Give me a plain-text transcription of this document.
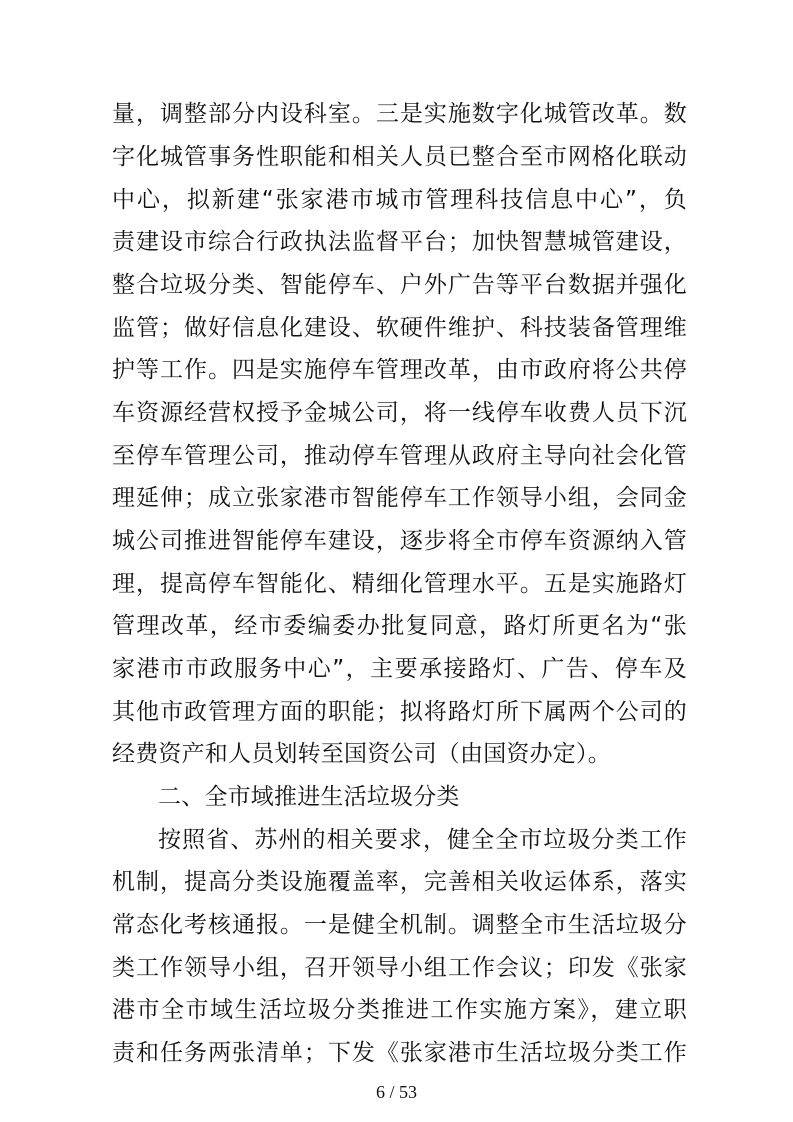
量，调整部分内设科室。三是实施数字化城管改革。数
字化城管事务性职能和相关人员已整合至市网格化联动
中心，拟新建“张家港市城市管理科技信息中心”，负
责建设市综合行政执法监督平台；加快智慧城管建设，
整合垃圾分类、智能停车、户外广告等平台数据并强化
监管；做好信息化建设、软硬件维护、科技装备管理维
护等工作。四是实施停车管理改革，由市政府将公共停
车资源经营权授予金城公司，将一线停车收费人员下沉
至停车管理公司，推动停车管理从政府主导向社会化管
理延伸；成立张家港市智能停车工作领导小组，会同金
城公司推进智能停车建设，逐步将全市停车资源纳入管
理，提高停车智能化、精细化管理水平。五是实施路灯
管理改革，经市委编委办批复同意，路灯所更名为“张
家港市市政服务中心”，主要承接路灯、广告、停车及
其他市政管理方面的职能；拟将路灯所下属两个公司的
经费资产和人员划转至国资公司（由国资办定）。
二、全市域推进生活垃圾分类
按照省、苏州的相关要求，健全全市垃圾分类工作
机制，提高分类设施覆盖率，完善相关收运体系，落实
常态化考核通报。一是健全机制。调整全市生活垃圾分
类工作领导小组，召开领导小组工作会议；印发《张家
港市全市域生活垃圾分类推进工作实施方案》，建立职
责和任务两张清单；下发《张家港市生活垃圾分类工作
6 / 53
